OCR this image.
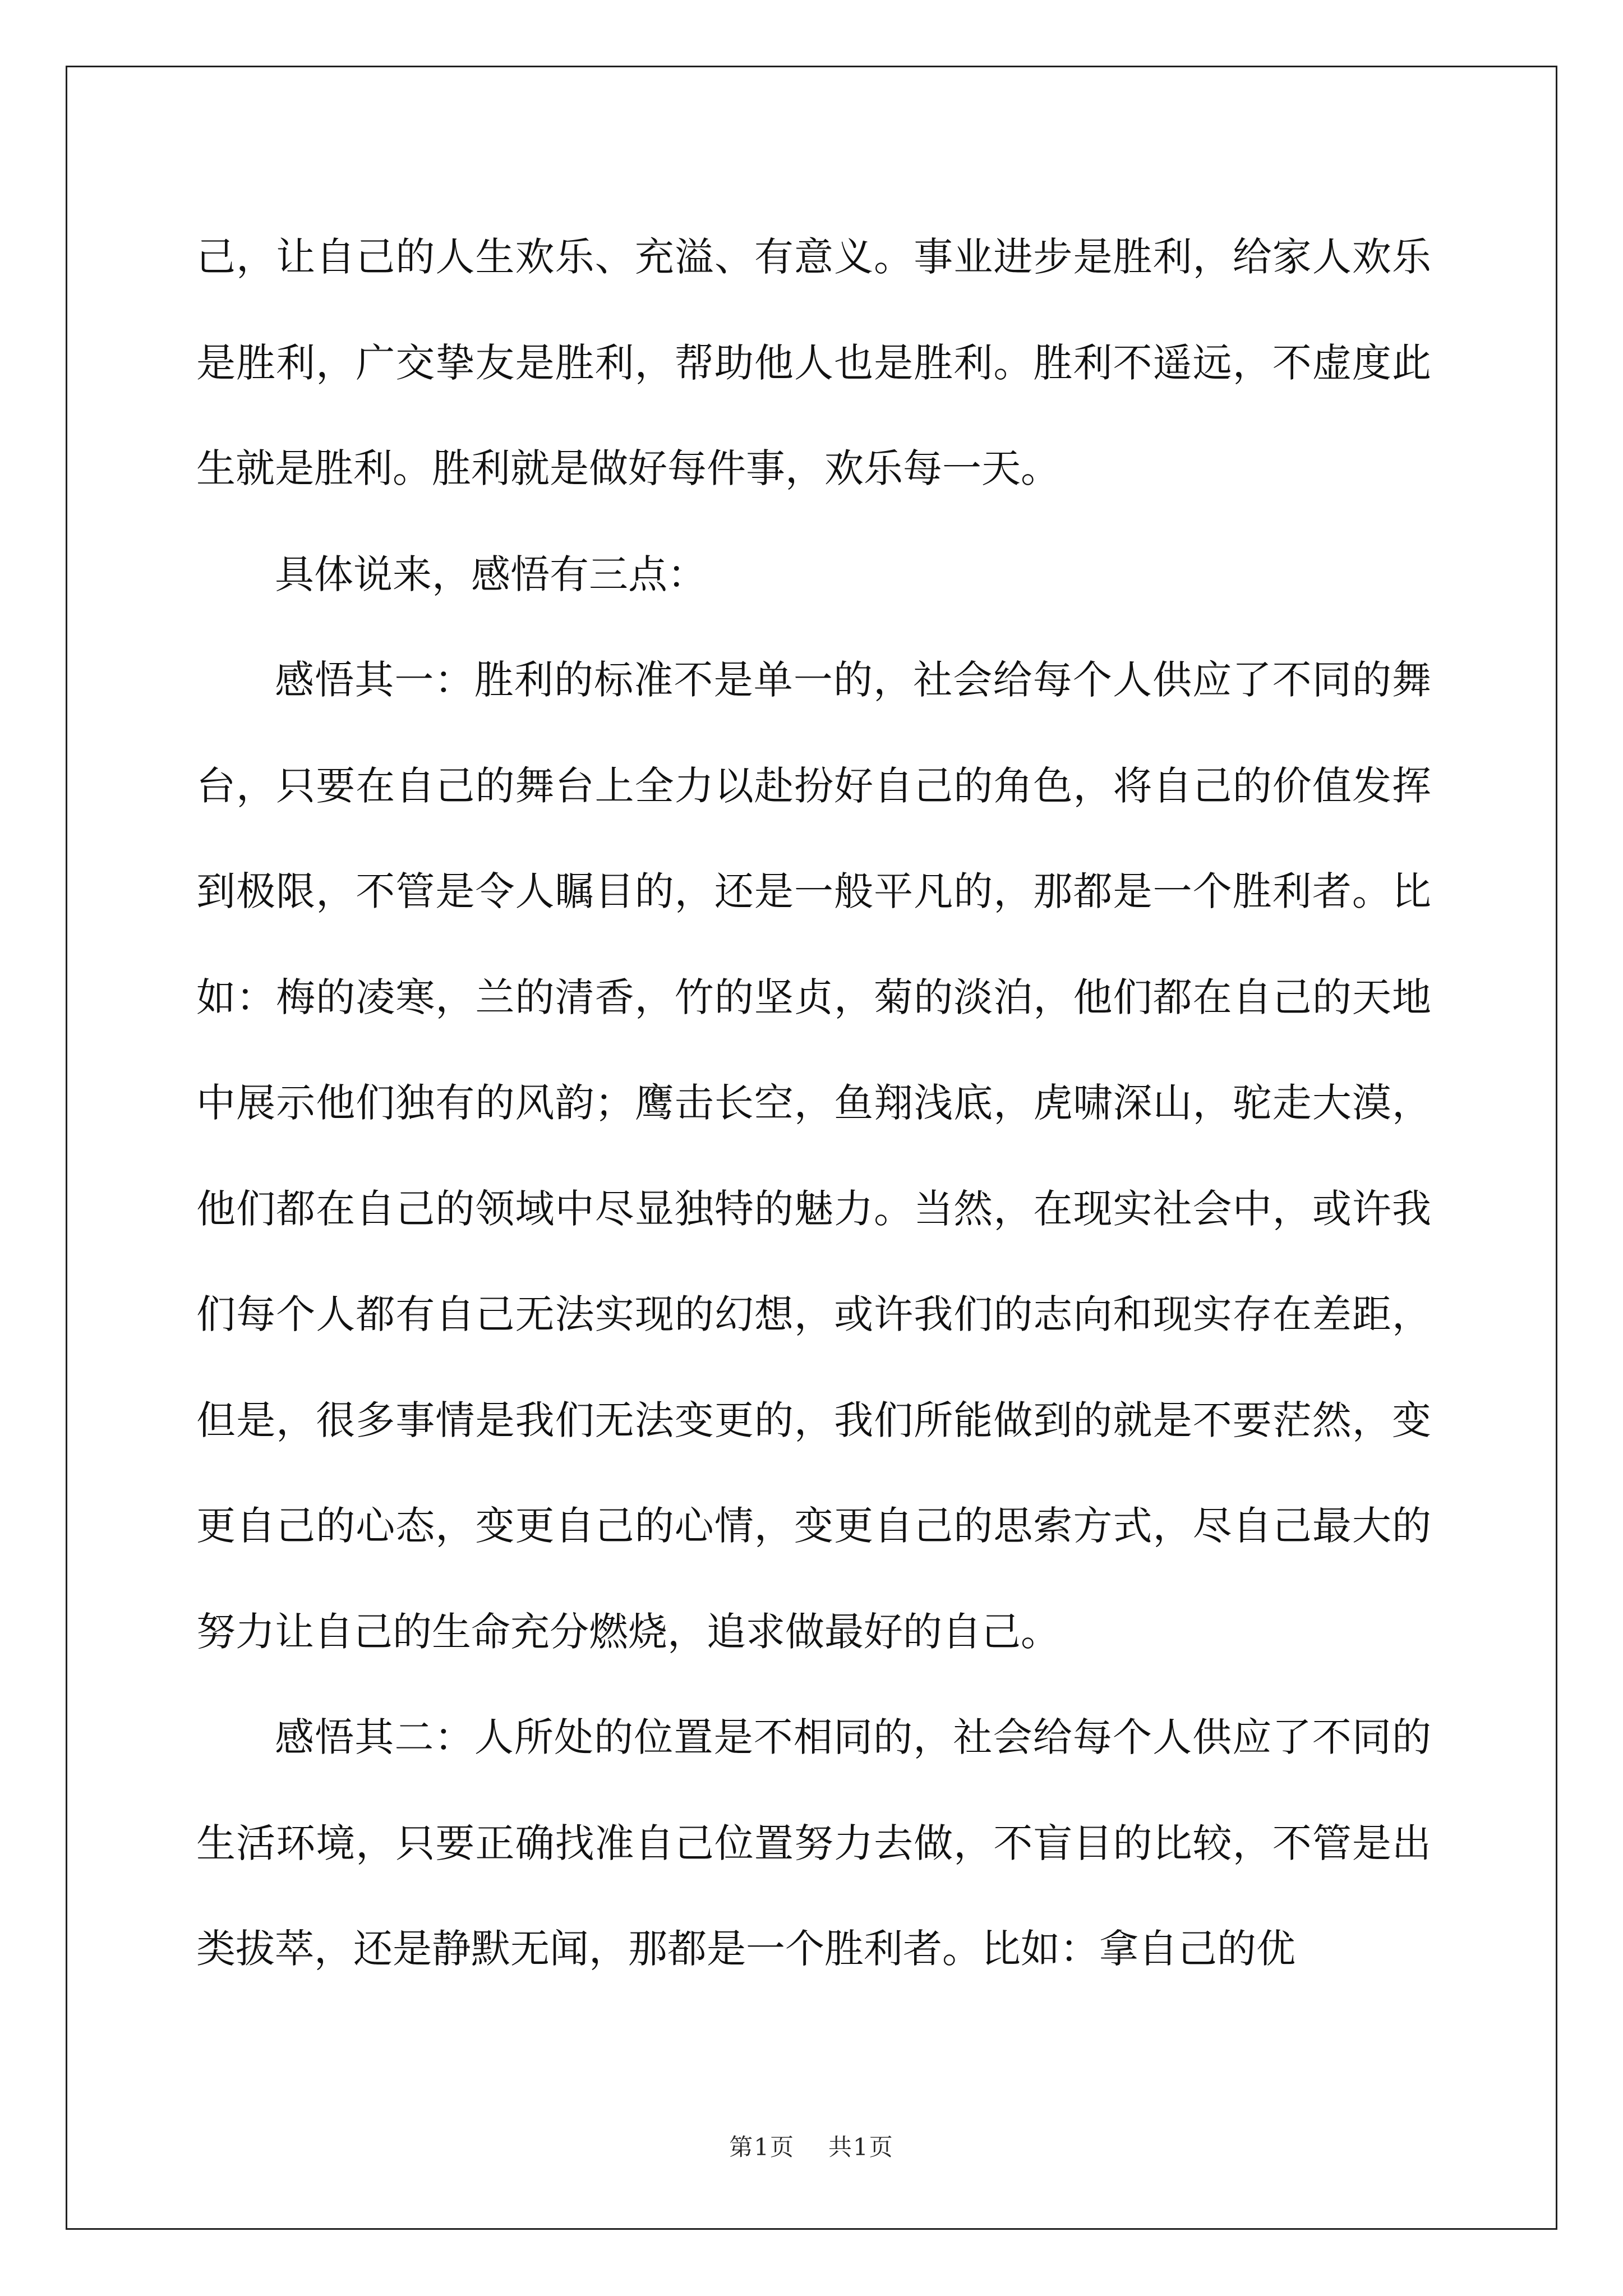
己，让自己的人生欢乐、充溢、有意义。事业进步是胜利，给家人欢乐是胜利，广交挚友是胜利，帮助他人也是胜利。胜利不遥远，不虚度此生就是胜利。胜利就是做好每件事，欢乐每一天。

具体说来，感悟有三点：

感悟其一：胜利的标准不是单一的，社会给每个人供应了不同的舞台，只要在自己的舞台上全力以赴扮好自己的角色，将自己的价值发挥到极限，不管是令人瞩目的，还是一般平凡的，那都是一个胜利者。比如：梅的凌寒，兰的清香，竹的坚贞，菊的淡泊，他们都在自己的天地中展示他们独有的风韵；鹰击长空，鱼翔浅底，虎啸深山，驼走大漠，他们都在自己的领域中尽显独特的魅力。当然，在现实社会中，或许我们每个人都有自己无法实现的幻想，或许我们的志向和现实存在差距，但是，很多事情是我们无法变更的，我们所能做到的就是不要茫然，变更自己的心态，变更自己的心情，变更自己的思索方式，尽自己最大的努力让自己的生命充分燃烧，追求做最好的自己。

感悟其二：人所处的位置是不相同的，社会给每个人供应了不同的生活环境，只要正确找准自己位置努力去做，不盲目的比较，不管是出类拔萃，还是静默无闻，那都是一个胜利者。比如：拿自己的优

第1页 共1页
